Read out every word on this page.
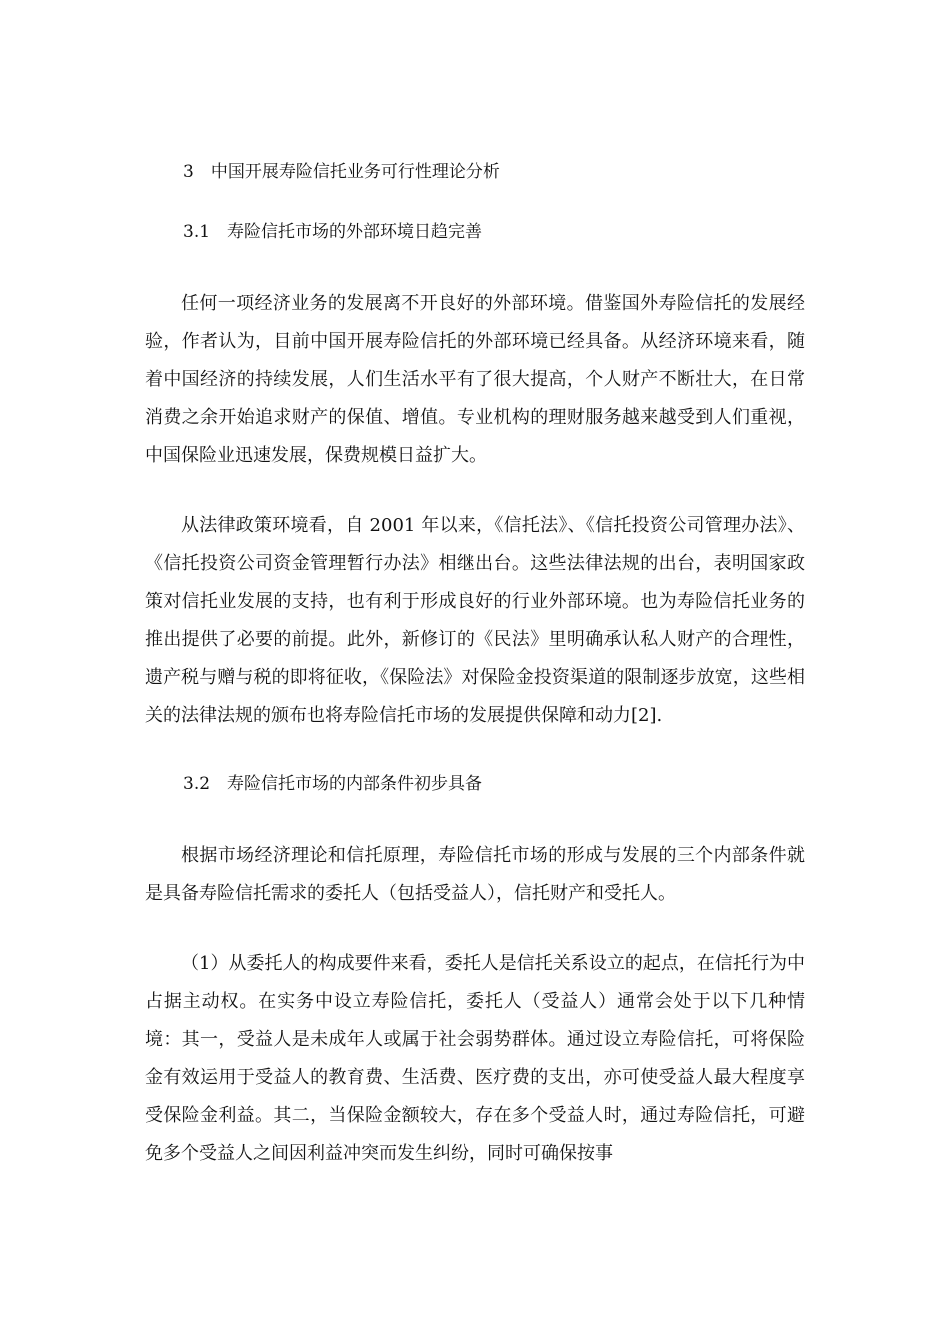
3　中国开展寿险信托业务可行性理论分析

3.1　寿险信托市场的外部环境日趋完善

任何一项经济业务的发展离不开良好的外部环境。借鉴国外寿险信托的发展经验，作者认为，目前中国开展寿险信托的外部环境已经具备。从经济环境来看，随着中国经济的持续发展，人们生活水平有了很大提高，个人财产不断壮大，在日常消费之余开始追求财产的保值、增值。专业机构的理财服务越来越受到人们重视，中国保险业迅速发展，保费规模日益扩大。

从法律政策环境看，自 2001 年以来，《信托法》、《信托投资公司管理办法》、《信托投资公司资金管理暂行办法》相继出台。这些法律法规的出台，表明国家政策对信托业发展的支持，也有利于形成良好的行业外部环境。也为寿险信托业务的推出提供了必要的前提。此外，新修订的《民法》里明确承认私人财产的合理性，遗产税与赠与税的即将征收，《保险法》对保险金投资渠道的限制逐步放宽，这些相关的法律法规的颁布也将寿险信托市场的发展提供保障和动力[2].

3.2　寿险信托市场的内部条件初步具备

根据市场经济理论和信托原理，寿险信托市场的形成与发展的三个内部条件就是具备寿险信托需求的委托人（包括受益人），信托财产和受托人。

（1）从委托人的构成要件来看，委托人是信托关系设立的起点，在信托行为中占据主动权。在实务中设立寿险信托，委托人（受益人）通常会处于以下几种情境：其一，受益人是未成年人或属于社会弱势群体。通过设立寿险信托，可将保险金有效运用于受益人的教育费、生活费、医疗费的支出，亦可使受益人最大程度享受保险金利益。其二，当保险金额较大，存在多个受益人时，通过寿险信托，可避免多个受益人之间因利益冲突而发生纠纷，同时可确保按事
